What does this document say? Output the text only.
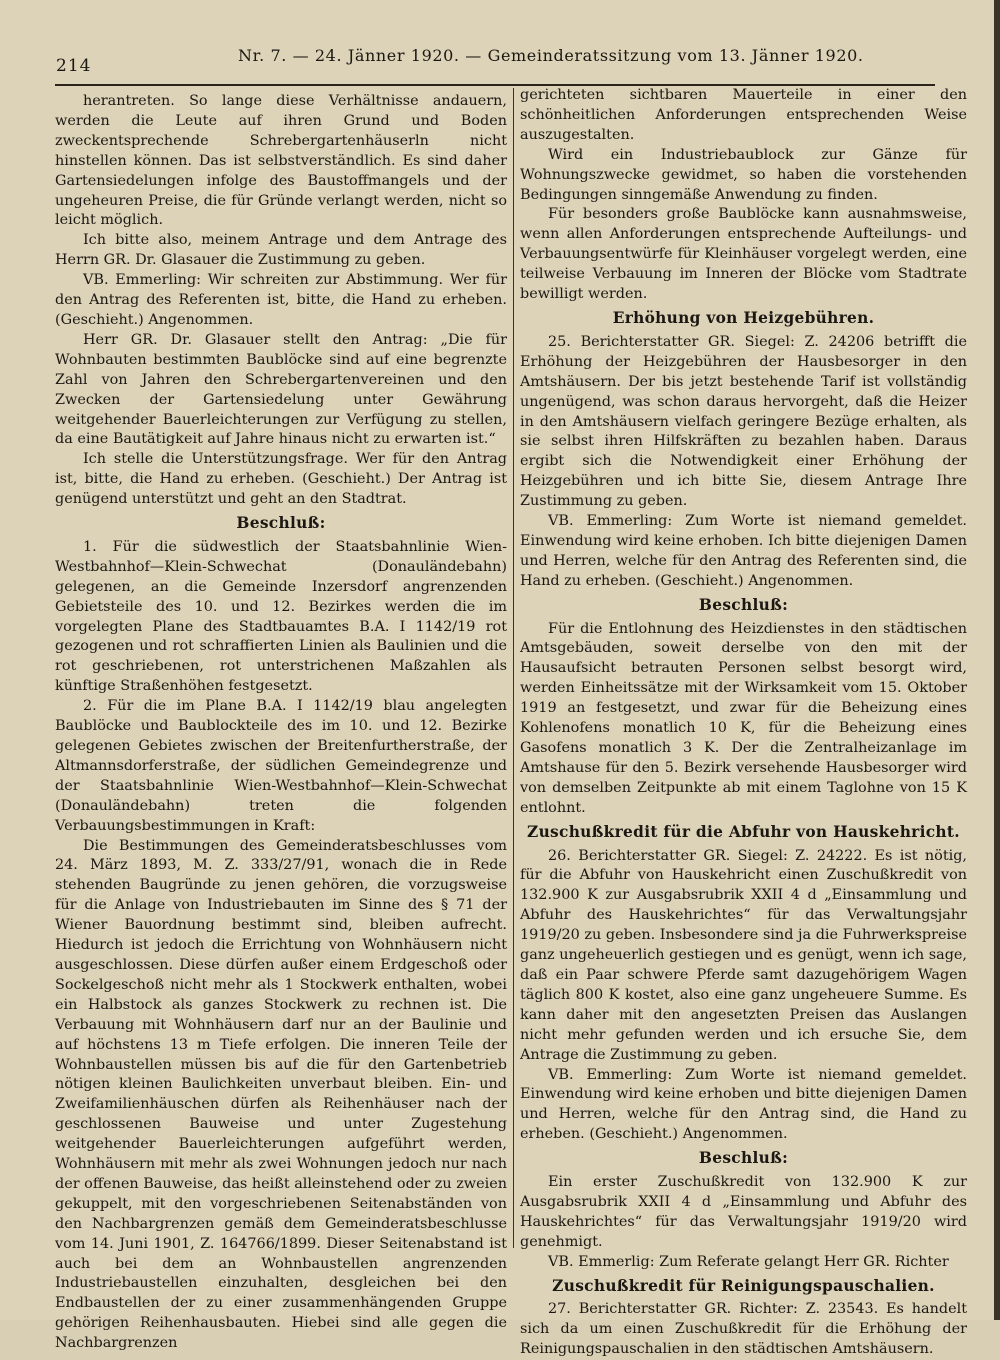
214
Nr. 7. — 24. Jänner 1920. — Gemeinderatssitzung vom 13. Jänner 1920.

herantreten. So lange diese Verhältnisse andauern, werden die Leute auf ihren Grund und Boden zweckentsprechende Schrebergartenhäuserln nicht hinstellen können. Das ist selbstverständlich. Es sind daher Gartensiedelungen infolge des Baustoffmangels und der ungeheuren Preise, die für Gründe verlangt werden, nicht so leicht möglich.

Ich bitte also, meinem Antrage und dem Antrage des Herrn GR. Dr. Glasauer die Zustimmung zu geben.

VB. Emmerling: Wir schreiten zur Abstimmung. Wer für den Antrag des Referenten ist, bitte, die Hand zu erheben. (Geschieht.) Angenommen.

Herr GR. Dr. Glasauer stellt den Antrag: „Die für Wohnbauten bestimmten Baublöcke sind auf eine begrenzte Zahl von Jahren den Schrebergartenvereinen und den Zwecken der Gartensiedelung unter Gewährung weitgehender Bauerleichterungen zur Verfügung zu stellen, da eine Bautätigkeit auf Jahre hinaus nicht zu erwarten ist.“

Ich stelle die Unterstützungsfrage. Wer für den Antrag ist, bitte, die Hand zu erheben. (Geschieht.) Der Antrag ist genügend unterstützt und geht an den Stadtrat.

Beschluß:

1. Für die südwestlich der Staatsbahnlinie Wien-Westbahnhof—Klein-Schwechat (Donauländebahn) gelegenen, an die Gemeinde Inzersdorf angrenzenden Gebietsteile des 10. und 12. Bezirkes werden die im vorgelegten Plane des Stadtbauamtes B.A. I 1142/19 rot gezogenen und rot schraffierten Linien als Baulinien und die rot geschriebenen, rot unterstrichenen Maßzahlen als künftige Straßenhöhen festgesetzt.

2. Für die im Plane B.A. I 1142/19 blau angelegten Baublöcke und Baublockteile des im 10. und 12. Bezirke gelegenen Gebietes zwischen der Breitenfurtherstraße, der Altmannsdorferstraße, der südlichen Gemeindegrenze und der Staatsbahnlinie Wien-Westbahnhof—Klein-Schwechat (Donauländebahn) treten die folgenden Verbauungsbestimmungen in Kraft:

Die Bestimmungen des Gemeinderatsbeschlusses vom 24. März 1893, M. Z. 333/27/91, wonach die in Rede stehenden Baugründe zu jenen gehören, die vorzugsweise für die Anlage von Industriebauten im Sinne des § 71 der Wiener Bauordnung bestimmt sind, bleiben aufrecht. Hiedurch ist jedoch die Errichtung von Wohnhäusern nicht ausgeschlossen. Diese dürfen außer einem Erdgeschoß oder Sockelgeschoß nicht mehr als 1 Stockwerk enthalten, wobei ein Halbstock als ganzes Stockwerk zu rechnen ist. Die Verbauung mit Wohnhäusern darf nur an der Baulinie und auf höchstens 13 m Tiefe erfolgen. Die inneren Teile der Wohnbaustellen müssen bis auf die für den Gartenbetrieb nötigen kleinen Baulichkeiten unverbaut bleiben. Ein- und Zweifamilienhäuschen dürfen als Reihenhäuser nach der geschlossenen Bauweise und unter Zugestehung weitgehender Bauerleichterungen aufgeführt werden, Wohnhäusern mit mehr als zwei Wohnungen jedoch nur nach der offenen Bauweise, das heißt alleinstehend oder zu zweien gekuppelt, mit den vorgeschriebenen Seitenabständen von den Nachbargrenzen gemäß dem Gemeinderatsbeschlusse vom 14. Juni 1901, Z. 164766/1899. Dieser Seitenabstand ist auch bei dem an Wohnbaustellen angrenzenden Industriebaustellen einzuhalten, desgleichen bei den Endbaustellen der zu einer zusammenhängenden Gruppe gehörigen Reihenhausbauten. Hiebei sind alle gegen die Nachbargrenzen

gerichteten sichtbaren Mauerteile in einer den schönheitlichen Anforderungen entsprechenden Weise auszugestalten.

Wird ein Industriebaublock zur Gänze für Wohnungszwecke gewidmet, so haben die vorstehenden Bedingungen sinngemäße Anwendung zu finden.

Für besonders große Baublöcke kann ausnahmsweise, wenn allen Anforderungen entsprechende Aufteilungs- und Verbauungsentwürfe für Kleinhäuser vorgelegt werden, eine teilweise Verbauung im Inneren der Blöcke vom Stadtrate bewilligt werden.

Erhöhung von Heizgebühren.

25. Berichterstatter GR. Siegel: Z. 24206 betrifft die Erhöhung der Heizgebühren der Hausbesorger in den Amtshäusern. Der bis jetzt bestehende Tarif ist vollständig ungenügend, was schon daraus hervorgeht, daß die Heizer in den Amtshäusern vielfach geringere Bezüge erhalten, als sie selbst ihren Hilfskräften zu bezahlen haben. Daraus ergibt sich die Notwendigkeit einer Erhöhung der Heizgebühren und ich bitte Sie, diesem Antrage Ihre Zustimmung zu geben.

VB. Emmerling: Zum Worte ist niemand gemeldet. Einwendung wird keine erhoben. Ich bitte diejenigen Damen und Herren, welche für den Antrag des Referenten sind, die Hand zu erheben. (Geschieht.) Angenommen.

Beschluß:

Für die Entlohnung des Heizdienstes in den städtischen Amtsgebäuden, soweit derselbe von den mit der Hausaufsicht betrauten Personen selbst besorgt wird, werden Einheitssätze mit der Wirksamkeit vom 15. Oktober 1919 an festgesetzt, und zwar für die Beheizung eines Kohlenofens monatlich 10 K, für die Beheizung eines Gasofens monatlich 3 K. Der die Zentralheizanlage im Amtshause für den 5. Bezirk versehende Hausbesorger wird von demselben Zeitpunkte ab mit einem Taglohne von 15 K entlohnt.

Zuschußkredit für die Abfuhr von Hauskehricht.

26. Berichterstatter GR. Siegel: Z. 24222. Es ist nötig, für die Abfuhr von Hauskehricht einen Zuschußkredit von 132.900 K zur Ausgabsrubrik XXII 4 d „Einsammlung und Abfuhr des Hauskehrichtes“ für das Verwaltungsjahr 1919/20 zu geben. Insbesondere sind ja die Fuhrwerkspreise ganz ungeheuerlich gestiegen und es genügt, wenn ich sage, daß ein Paar schwere Pferde samt dazugehörigem Wagen täglich 800 K kostet, also eine ganz ungeheuere Summe. Es kann daher mit den angesetzten Preisen das Auslangen nicht mehr gefunden werden und ich ersuche Sie, dem Antrage die Zustimmung zu geben.

VB. Emmerling: Zum Worte ist niemand gemeldet. Einwendung wird keine erhoben und bitte diejenigen Damen und Herren, welche für den Antrag sind, die Hand zu erheben. (Geschieht.) Angenommen.

Beschluß:

Ein erster Zuschußkredit von 132.900 K zur Ausgabsrubrik XXII 4 d „Einsammlung und Abfuhr des Hauskehrichtes“ für das Verwaltungsjahr 1919/20 wird genehmigt.

VB. Emmerlig: Zum Referate gelangt Herr GR. Richter

Zuschußkredit für Reinigungspauschalien.

27. Berichterstatter GR. Richter: Z. 23543. Es handelt sich da um einen Zuschußkredit für die Erhöhung der Reinigungspauschalien in den städtischen Amtshäusern.
